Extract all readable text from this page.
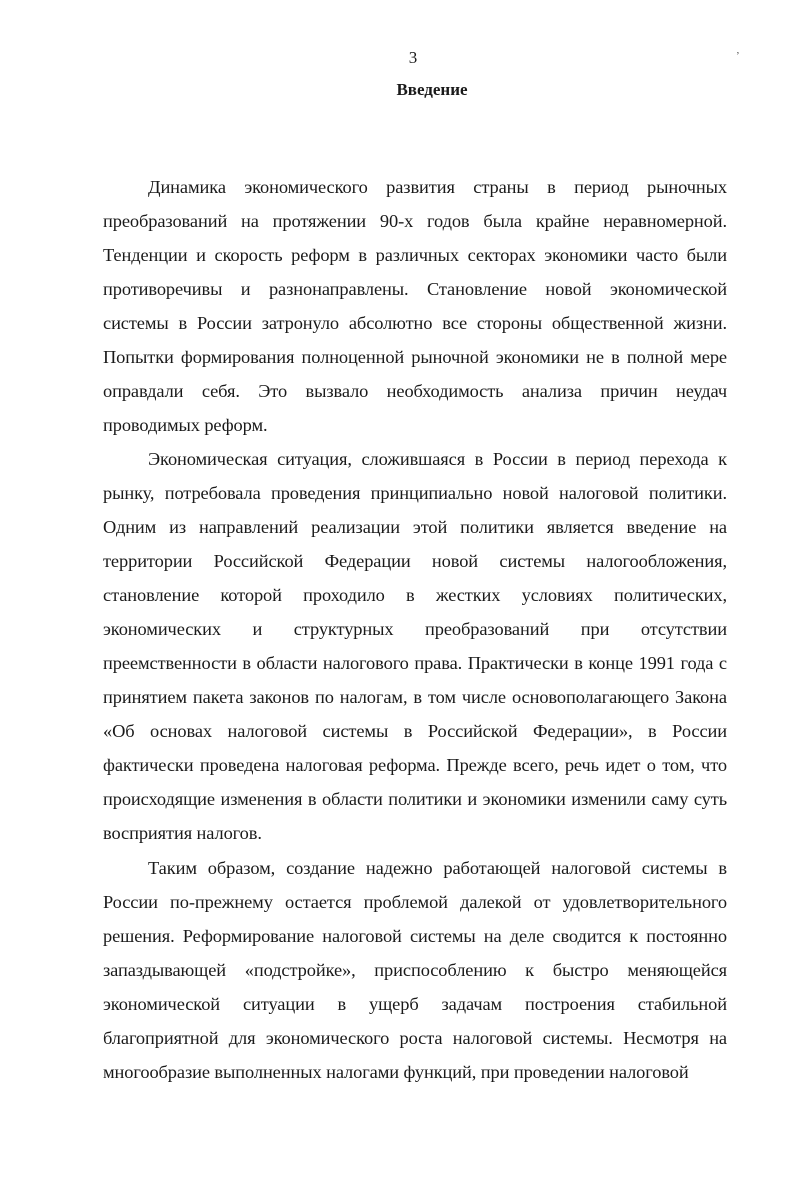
3	’
Введение

Динамика экономического развития страны в период рыночных преобразований на протяжении 90-х годов была крайне неравномерной. Тенденции и скорость реформ в различных секторах экономики часто были противоречивы и разнонаправлены. Становление новой экономической системы в России затронуло абсолютно все стороны общественной жизни. Попытки формирования полноценной рыночной экономики не в полной мере оправдали себя. Это вызвало необходимость анализа причин неудач проводимых реформ.

Экономическая ситуация, сложившаяся в России в период перехода к рынку, потребовала проведения принципиально новой налоговой политики. Одним из направлений реализации этой политики является введение на территории Российской Федерации новой системы налогообложения, становление которой проходило в жестких условиях политических, экономических и структурных преобразований при отсутствии преемственности в области налогового права. Практически в конце 1991 года с принятием пакета законов по налогам, в том числе основополагающего Закона «Об основах налоговой системы в Российской Федерации», в России фактически проведена налоговая реформа. Прежде всего, речь идет о том, что происходящие изменения в области политики и экономики изменили саму суть восприятия налогов.

Таким образом, создание надежно работающей налоговой системы в России по-прежнему остается проблемой далекой от удовлетворительного решения. Реформирование налоговой системы на деле сводится к постоянно запаздывающей «подстройке», приспособлению к быстро меняющейся экономической ситуации в ущерб задачам построения стабильной благоприятной для экономического роста налоговой системы. Несмотря на многообразие выполненных налогами функций, при проведении налоговой
